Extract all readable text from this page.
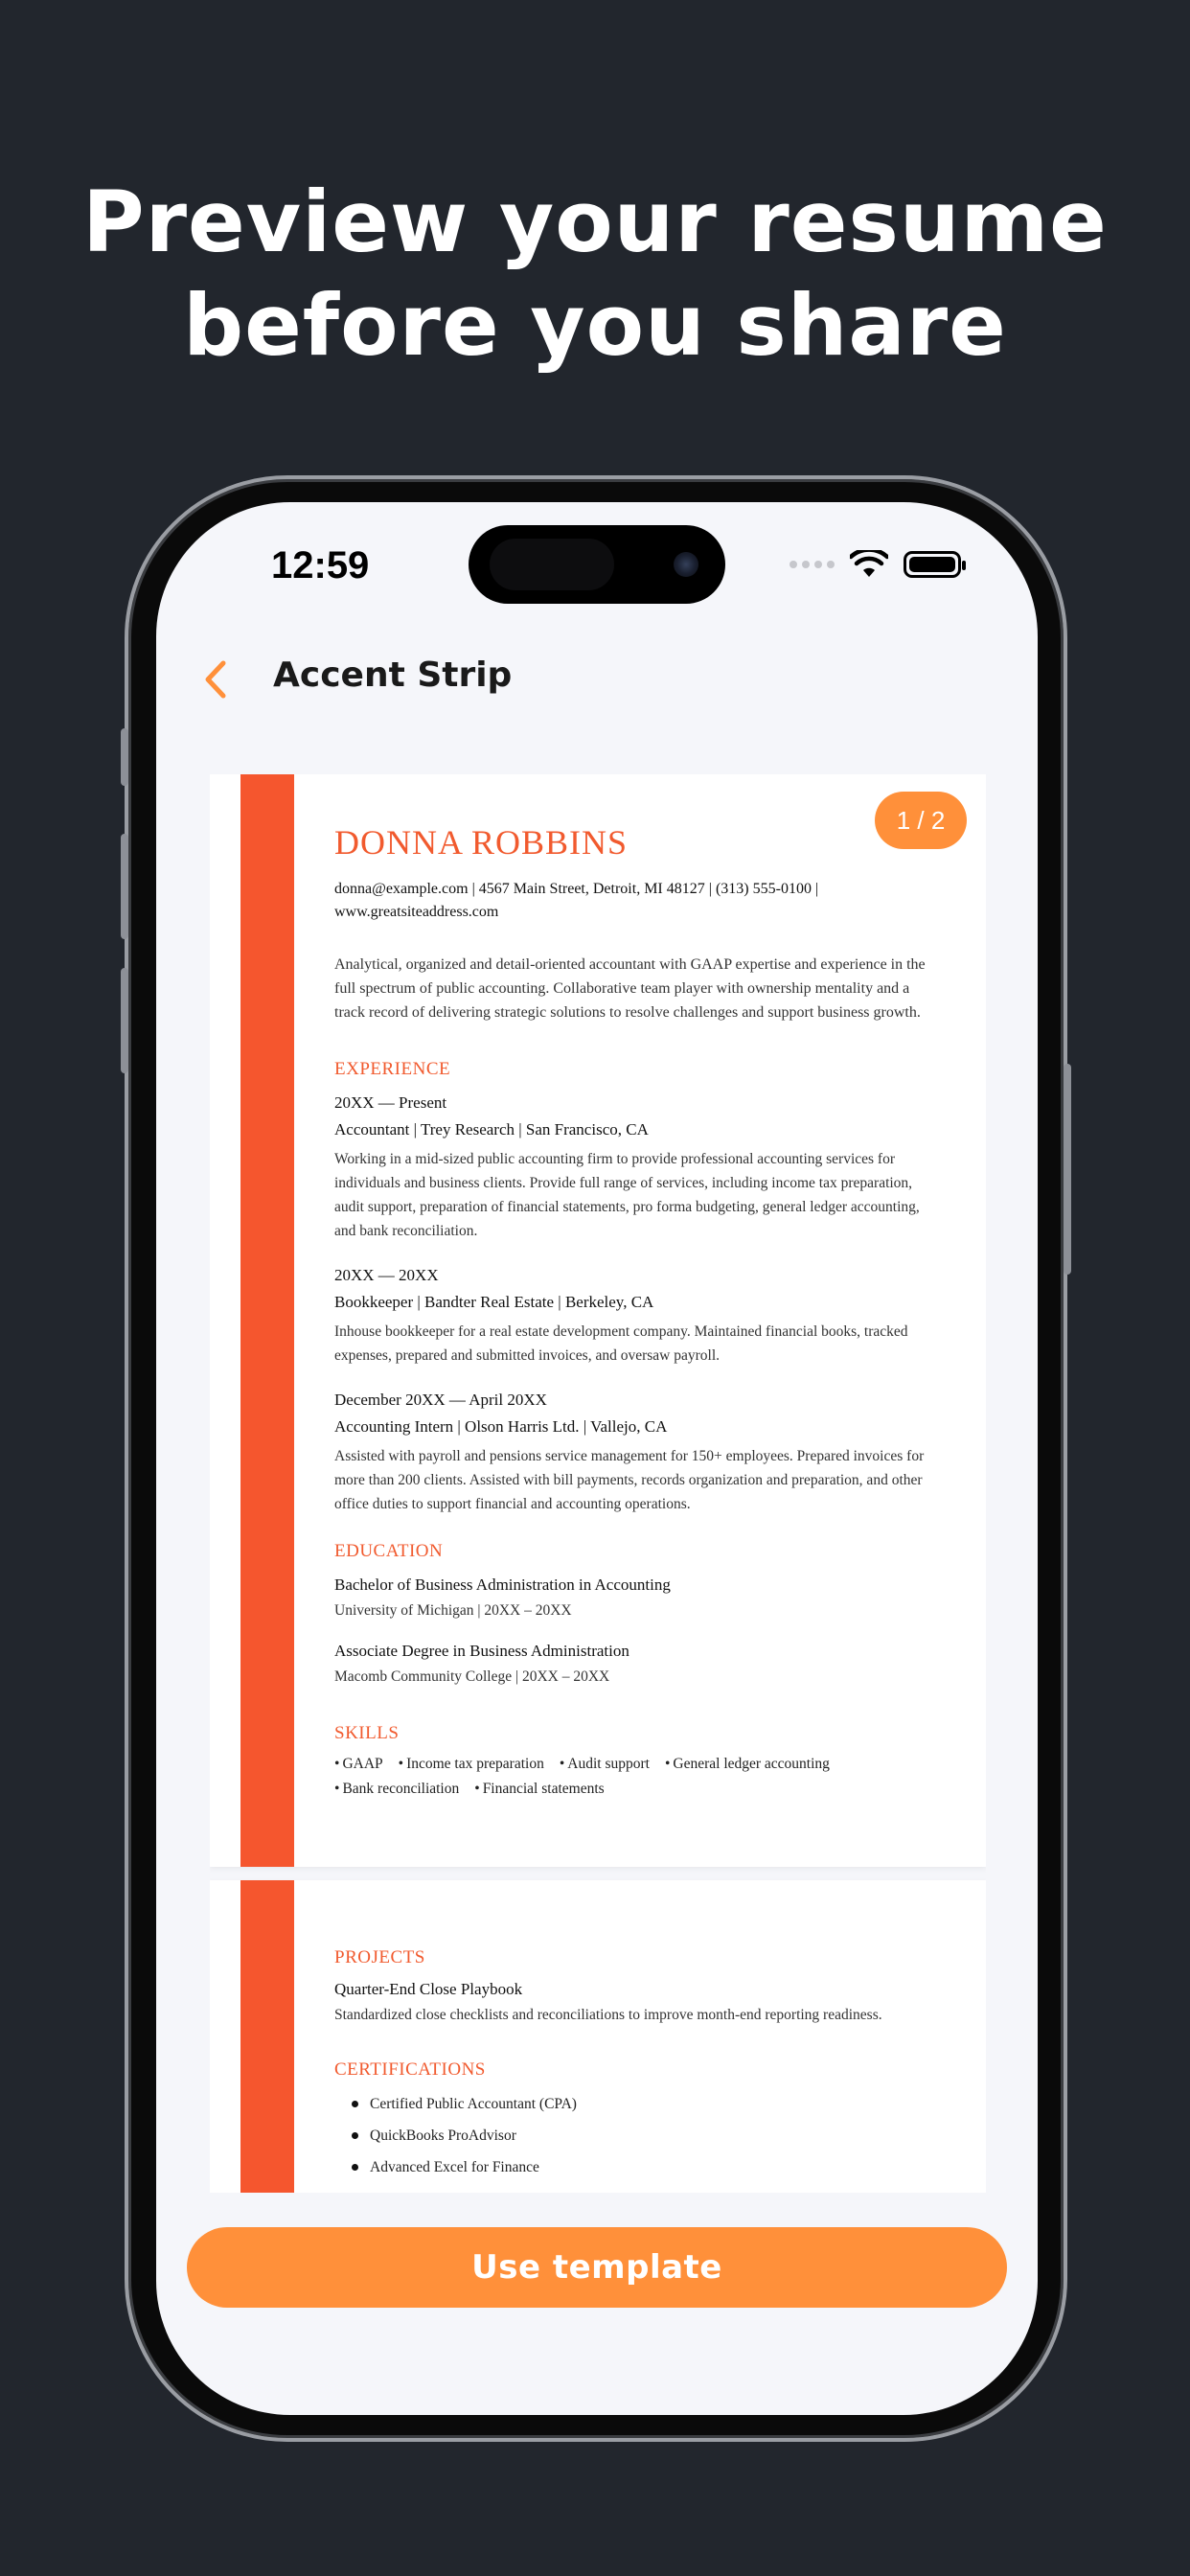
Preview your resume
before you share
12:59
Accent Strip
1 / 2
DONNA ROBBINS
donna@example.com | 4567 Main Street, Detroit, MI 48127 | (313) 555-0100 |
www.greatsiteaddress.com
Analytical, organized and detail-oriented accountant with GAAP expertise and experience in the full spectrum of public accounting. Collaborative team player with ownership mentality and a track record of delivering strategic solutions to resolve challenges and support business growth.
EXPERIENCE
20XX — Present
Accountant | Trey Research | San Francisco, CA
Working in a mid-sized public accounting firm to provide professional accounting services for individuals and business clients. Provide full range of services, including income tax preparation, audit support, preparation of financial statements, pro forma budgeting, general ledger accounting, and bank reconciliation.
20XX — 20XX
Bookkeeper | Bandter Real Estate | Berkeley, CA
Inhouse bookkeeper for a real estate development company. Maintained financial books, tracked expenses, prepared and submitted invoices, and oversaw payroll.
December 20XX — April 20XX
Accounting Intern | Olson Harris Ltd. | Vallejo, CA
Assisted with payroll and pensions service management for 150+ employees. Prepared invoices for more than 200 clients. Assisted with bill payments, records organization and preparation, and other office duties to support financial and accounting operations.
EDUCATION
Bachelor of Business Administration in Accounting
University of Michigan | 20XX – 20XX
Associate Degree in Business Administration
Macomb Community College | 20XX – 20XX
SKILLS
• GAAP • Income tax preparation • Audit support • General ledger accounting
• Bank reconciliation • Financial statements
PROJECTS
Quarter-End Close Playbook
Standardized close checklists and reconciliations to improve month-end reporting readiness.
CERTIFICATIONS
Certified Public Accountant (CPA)
QuickBooks ProAdvisor
Advanced Excel for Finance
Use template
